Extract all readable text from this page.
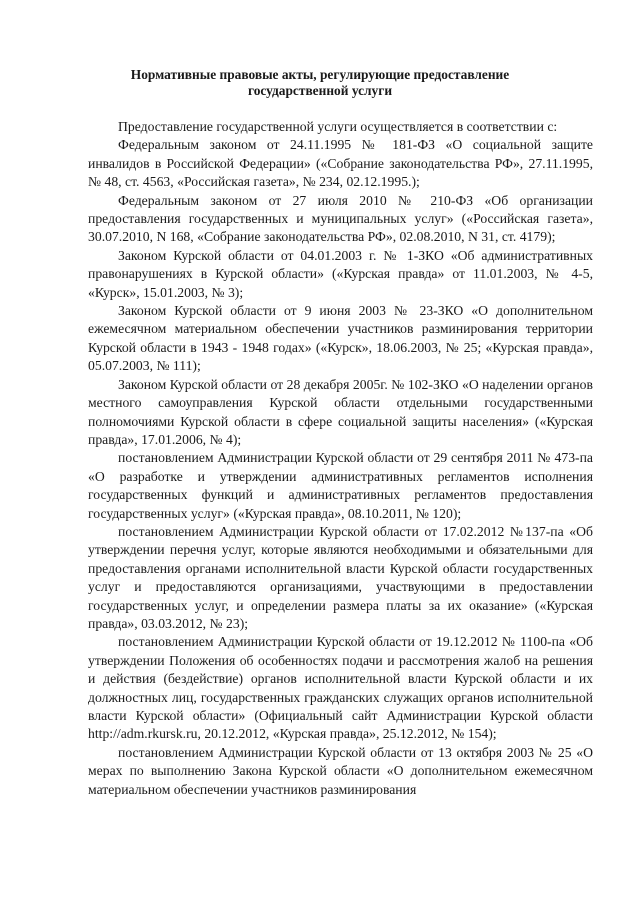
Нормативные правовые акты, регулирующие предоставление
государственной услуги

Предоставление государственной услуги осуществляется в соответствии с:

Федеральным законом от 24.11.1995 № 181-ФЗ «О социальной защите инвалидов в Российской Федерации» («Собрание законодательства РФ», 27.11.1995, № 48, ст. 4563, «Российская газета», № 234, 02.12.1995.);

Федеральным законом от 27 июля 2010 № 210-ФЗ «Об организации предоставления государственных и муниципальных услуг» («Российская газета», 30.07.2010, N 168, «Собрание законодательства РФ», 02.08.2010, N 31, ст. 4179);

Законом Курской области от 04.01.2003 г. № 1-ЗКО «Об административных правонарушениях в Курской области» («Курская правда» от 11.01.2003, № 4-5, «Курск», 15.01.2003, № 3);

Законом Курской области от 9 июня 2003 № 23-ЗКО «О дополнительном ежемесячном материальном обеспечении участников разминирования территории Курской области в 1943 - 1948 годах» («Курск», 18.06.2003, № 25; «Курская правда», 05.07.2003, № 111);

Законом Курской области от 28 декабря 2005г. № 102-ЗКО «О наделении органов местного самоуправления Курской области отдельными государственными полномочиями Курской области в сфере социальной защиты населения» («Курская правда», 17.01.2006, № 4);

постановлением Администрации Курской области от 29 сентября 2011 № 473-па «О разработке и утверждении административных регламентов исполнения государственных функций и административных регламентов предоставления государственных услуг» («Курская правда», 08.10.2011, № 120);

постановлением Администрации Курской области от 17.02.2012 №137-па «Об утверждении перечня услуг, которые являются необходимыми и обязательными для предоставления органами исполнительной власти Курской области государственных услуг и предоставляются организациями, участвующими в предоставлении государственных услуг, и определении размера платы за их оказание» («Курская правда», 03.03.2012, № 23);

постановлением Администрации Курской области от 19.12.2012 № 1100-па «Об утверждении Положения об особенностях подачи и рассмотрения жалоб на решения и действия (бездействие) органов исполнительной власти Курской области и их должностных лиц, государственных гражданских служащих органов исполнительной власти Курской области» (Официальный сайт Администрации Курской области http://adm.rkursk.ru, 20.12.2012, «Курская правда», 25.12.2012, № 154);

постановлением Администрации Курской области от 13 октября 2003 № 25 «О мерах по выполнению Закона Курской области «О дополнительном ежемесячном материальном обеспечении участников разминирования
